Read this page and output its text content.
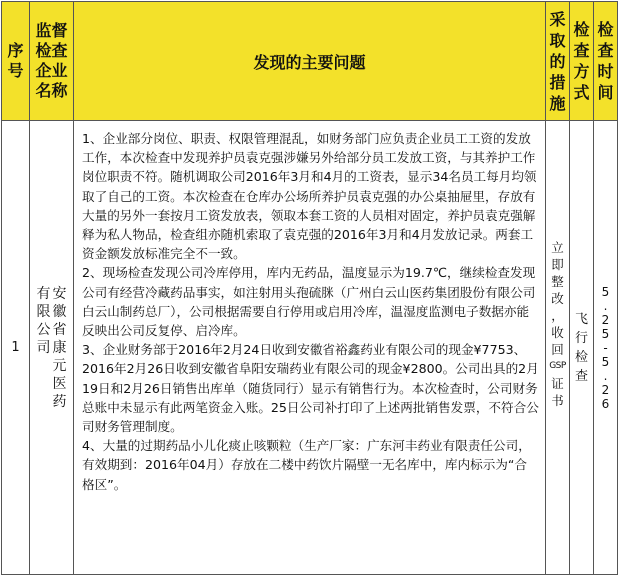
序
号
监督
检查
企业
名称
发现的主要问题
采
取
的
措
施
检
查
方
式
检
查
时
间
1
安
徽
省
康
元
医
药
有
限
公
司

1、企业部分岗位、职责、权限管理混乱，如财务部门应负责企业员工工资的发放工作，本次检查中发现养护员袁克强涉嫌另外给部分员工发放工资，与其养护工作岗位职责不符。随机调取公司2016年3月和4月的工资表，显示34名员工每月均领取了自己的工资。本次检查在仓库办公场所养护员袁克强的办公桌抽屉里，存放有大量的另外一套按月工资发放表，领取本套工资的人员相对固定，养护员袁克强解释为私人物品，检查组亦随机索取了袁克强的2016年3月和4月发放记录。两套工资金额发放标准完全不一致。

2、现场检查发现公司冷库停用，库内无药品，温度显示为19.7℃，继续检查发现公司有经营冷藏药品事实，如注射用头孢硫脒（广州白云山医药集团股份有限公司白云山制药总厂），公司根据需要自行停用或启用冷库，温湿度监测电子数据亦能反映出公司反复停、启冷库。

3、企业财务部于2016年2月24日收到安徽省裕鑫药业有限公司的现金¥7753、2016年2月26日收到安徽省阜阳安瑞药业有限公司的现金¥2800。公司出具的2月19日和2月26日销售出库单（随货同行）显示有销售行为。本次检查时，公司财务总账中未显示有此两笔资金入账。25日公司补打印了上述两批销售发票，不符合公司财务管理制度。

4、大量的过期药品小儿化痰止咳颗粒（生产厂家：广东河丰药业有限责任公司，有效期到：2016年04月）存放在二楼中药饮片隔壁一无名库中，库内标示为“合格区”。

立
即
整
改
，
收
回
GSP
证
书
飞
行
检
查
5
.
2
5
-
5
.
2
6
